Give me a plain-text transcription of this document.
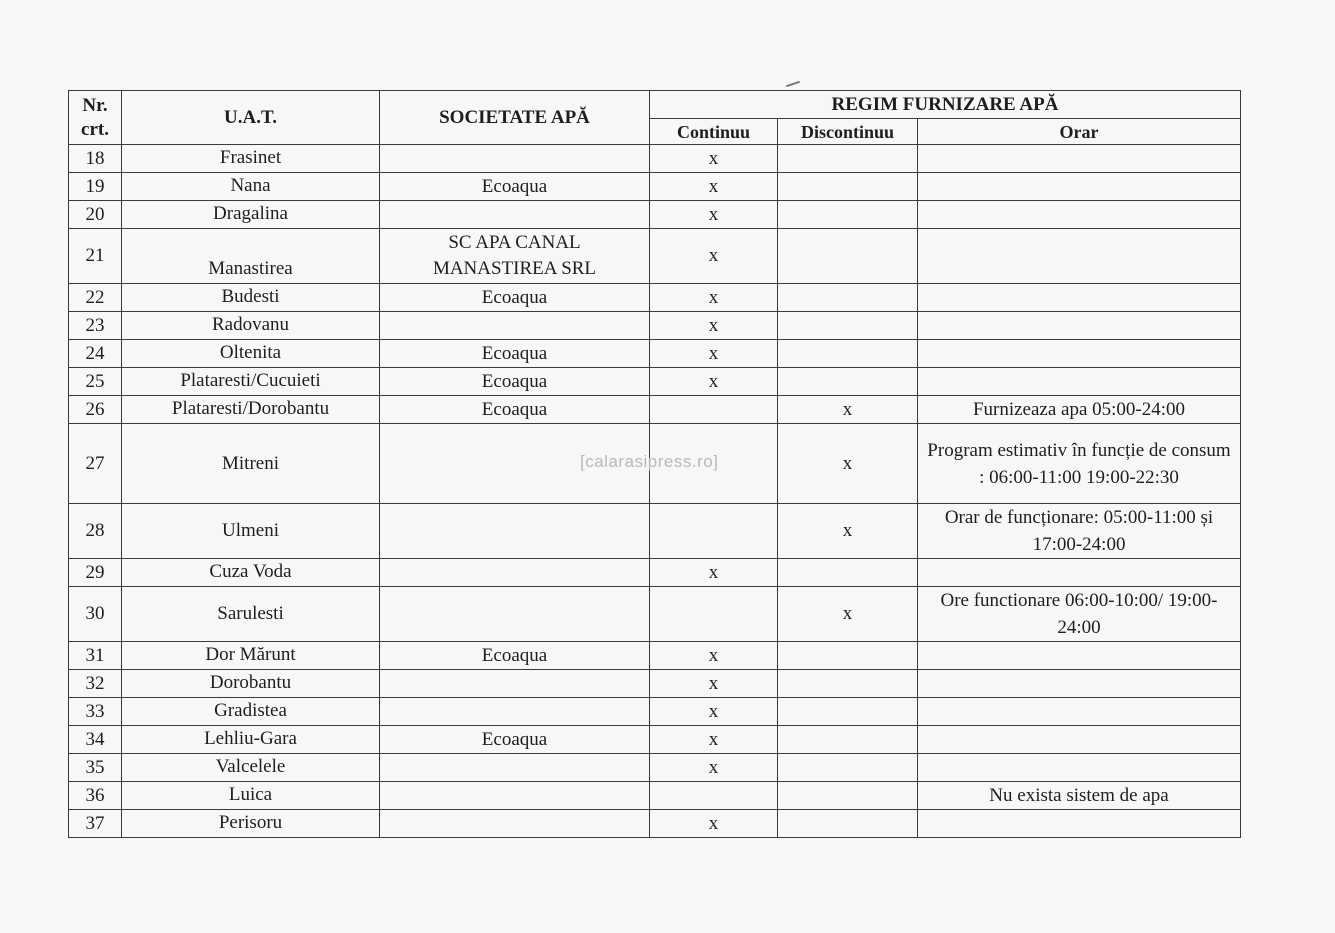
Nr. crt.	U.A.T.	SOCIETATE APĂ	REGIM FURNIZARE APĂ		
			Continuu	Discontinuu	Orar
18	Frasinet		x		
19	Nana	Ecoaqua	x		
20	Dragalina		x		
21	Manastirea	SC APA CANAL MANASTIREA SRL	x		
22	Budesti	Ecoaqua	x		
23	Radovanu		x		
24	Oltenita	Ecoaqua	x		
25	Plataresti/Cucuieti	Ecoaqua	x		
26	Plataresti/Dorobantu	Ecoaqua		x	Furnizeaza apa 05:00-24:00
27	Mitreni			x	Program estimativ în funcție de consum : 06:00-11:00 19:00-22:30
28	Ulmeni			x	Orar de funcționare: 05:00-11:00 și 17:00-24:00
29	Cuza Voda		x		
30	Sarulesti			x	Ore functionare 06:00-10:00/ 19:00-24:00
31	Dor Mărunt	Ecoaqua	x		
32	Dorobantu		x		
33	Gradistea		x		
34	Lehliu-Gara	Ecoaqua	x		
35	Valcelele		x		
36	Luica				Nu exista sistem de apa
37	Perisoru		x		
[calarasipress.ro]
